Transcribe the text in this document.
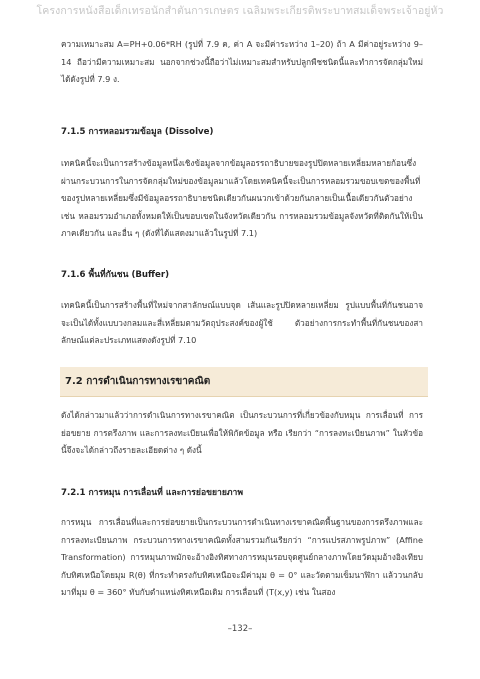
โครงการหนังสือเด็กเทรอนักสำตันการเกษตร เฉลิมพระเกียรติพระบาทสมเด็จพระเจ้าอยู่หัว
ความเหมาะสม A=PH+0.06*RH (รูปที่ 7.9 ค, ค่า A จะมีค่าระหว่าง 1–20) ถ้า A มีค่าอยู่ระหว่าง 9–14 ถือว่ามีความเหมาะสม นอกจากช่วงนี้ถือว่าไม่เหมาะสมสำหรับปลูกพืชชนิดนี้และทำการจัดกลุ่มใหม่ได้ดังรูปที่ 7.9 ง.
7.1.5 การหลอมรวมข้อมูล (Dissolve)
เทคนิคนี้จะเป็นการสร้างข้อมูลหนึ่งเชิงข้อมูลจากข้อมูลอรรถาธิบายของรูปปิดหลายเหลี่ยมหลายก้อนซึ่งผ่านกระบวนการในการจัดกลุ่มใหม่ของข้อมูลมาแล้วโดยเทคนิคนี้จะเป็นการหลอมรวมขอบเขตของพื้นที่ของรูปหลายเหลี่ยมซึ่งมีข้อมูลอรรถาธิบายชนิดเดียวกันผนวกเข้าด้วยกันกลายเป็นเนื้อเดียวกันตัวอย่างเช่น หลอมรวมอำเภอทั้งหมดให้เป็นขอบเขตในจังหวัดเดียวกัน การหลอมรวมข้อมูลจังหวัดที่ติดกันให้เป็นภาคเดียวกัน และอื่น ๆ (ดังที่ได้แสดงมาแล้วในรูปที่ 7.1)
7.1.6 พื้นที่กันชน (Buffer)
เทคนิคนี้เป็นการสร้างพื้นที่ใหม่จากสาลักษณ์แบบจุด เส้นและรูปปิดหลายเหลี่ยม รูปแบบพื้นที่กันชนอาจจะเป็นได้ทั้งแบบวงกลมและสี่เหลี่ยมตามวัตถุประสงค์ของผู้ใช้ ตัวอย่างการกระทำพื้นที่กันชนของสาลักษณ์แต่ละประเภทแสดงดังรูปที่ 7.10
7.2 การดำเนินการทางเรขาคณิต
ดังได้กล่าวมาแล้วว่าการดำเนินการทางเรขาคณิต เป็นกระบวนการที่เกี่ยวข้องกับหมุน การเลื่อนที่ การย่อขยาย การตรึงภาพ และการลงทะเบียนเพื่อให้พิกัดข้อมูล หรือ เรียกว่า “การลงทะเบียนภาพ” ในหัวข้อนี้จึงจะได้กล่าวถึงรายละเอียดต่าง ๆ ดังนี้
7.2.1 การหมุน การเลื่อนที่ และการย่อขยายภาพ
การหมุน การเลื่อนที่และการย่อขยายเป็นกระบวนการดำเนินทางเรขาคณิตพื้นฐานของการตรึงภาพและการลงทะเบียนภาพ กระบวนการทางเรขาคณิตทั้งสามรวมกันเรียกว่า “การแปรสภาพรูปภาพ” (Affine Transformation) การหมุนภาพมักจะอ้างอิงทิศทางการหมุนรอบจุดศูนย์กลางภาพโดยวัดมุมอ้างอิงเทียบกับทิศเหนือโดยมุม R(θ) ที่กระทำตรงกับทิศเหนือจะมีค่ามุม θ = 0° และวัดตามเข็มนาฬิกา แล้ววนกลับมาที่มุม θ = 360° ทับกับตำแหน่งทิศเหนือเดิม การเลื่อนที่ (T(x,y) เช่น ในสอง
–132–
